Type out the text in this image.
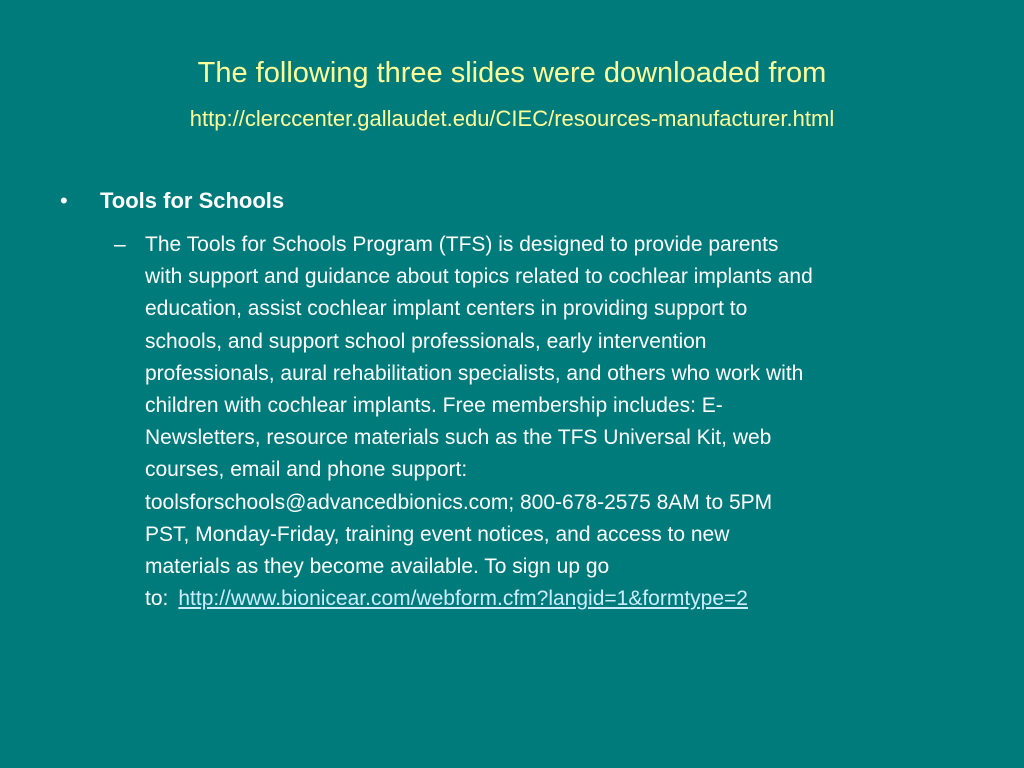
The following three slides were downloaded from
http://clerccenter.gallaudet.edu/CIEC/resources-manufacturer.html
• Tools for Schools
– The Tools for Schools Program (TFS) is designed to provide parents
with support and guidance about topics related to cochlear implants and
education, assist cochlear implant centers in providing support to
schools, and support school professionals, early intervention
professionals, aural rehabilitation specialists, and others who work with
children with cochlear implants. Free membership includes: E-
Newsletters, resource materials such as the TFS Universal Kit, web
courses, email and phone support:
toolsforschools@advancedbionics.com; 800-678-2575 8AM to 5PM
PST, Monday-Friday, training event notices, and access to new
materials as they become available. To sign up go
to: http://www.bionicear.com/webform.cfm?langid=1&formtype=2
